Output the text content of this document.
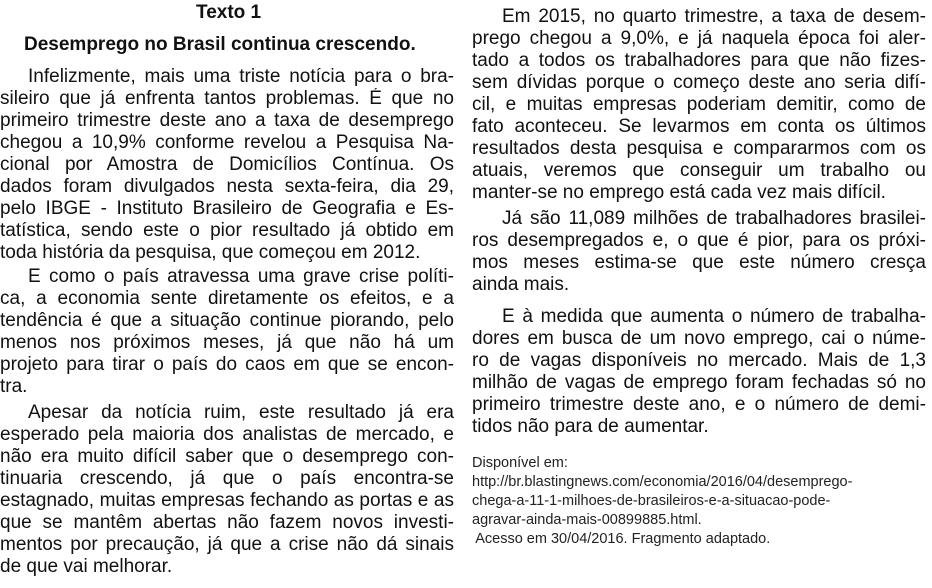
Texto 1
Desemprego no Brasil continua crescendo.
Infelizmente, mais uma triste notícia para o bra-
sileiro que já enfrenta tantos problemas. É que no
primeiro trimestre deste ano a taxa de desemprego
chegou a 10,9% conforme revelou a Pesquisa Na-
cional por Amostra de Domicílios Contínua. Os
dados foram divulgados nesta sexta-feira, dia 29,
pelo IBGE - Instituto Brasileiro de Geografia e Es-
tatística, sendo este o pior resultado já obtido em
toda história da pesquisa, que começou em 2012.
E como o país atravessa uma grave crise políti-
ca, a economia sente diretamente os efeitos, e a
tendência é que a situação continue piorando, pelo
menos nos próximos meses, já que não há um
projeto para tirar o país do caos em que se encon-
tra.
Apesar da notícia ruim, este resultado já era
esperado pela maioria dos analistas de mercado, e
não era muito difícil saber que o desemprego con-
tinuaria crescendo, já que o país encontra-se
estagnado, muitas empresas fechando as portas e as
que se mantêm abertas não fazem novos investi-
mentos por precaução, já que a crise não dá sinais
de que vai melhorar.
Em 2015, no quarto trimestre, a taxa de desem-
prego chegou a 9,0%, e já naquela época foi aler-
tado a todos os trabalhadores para que não fizes-
sem dívidas porque o começo deste ano seria difí-
cil, e muitas empresas poderiam demitir, como de
fato aconteceu. Se levarmos em conta os últimos
resultados desta pesquisa e compararmos com os
atuais, veremos que conseguir um trabalho ou
manter-se no emprego está cada vez mais difícil.
Já são 11,089 milhões de trabalhadores brasilei-
ros desempregados e, o que é pior, para os próxi-
mos meses estima-se que este número cresça
ainda mais.
E à medida que aumenta o número de trabalha-
dores em busca de um novo emprego, cai o núme-
ro de vagas disponíveis no mercado. Mais de 1,3
milhão de vagas de emprego foram fechadas só no
primeiro trimestre deste ano, e o número de demi-
tidos não para de aumentar.
Disponível em:
http://br.blastingnews.com/economia/2016/04/desemprego-
chega-a-11-1-milhoes-de-brasileiros-e-a-situacao-pode-
agravar-ainda-mais-00899885.html.
Acesso em 30/04/2016. Fragmento adaptado.
